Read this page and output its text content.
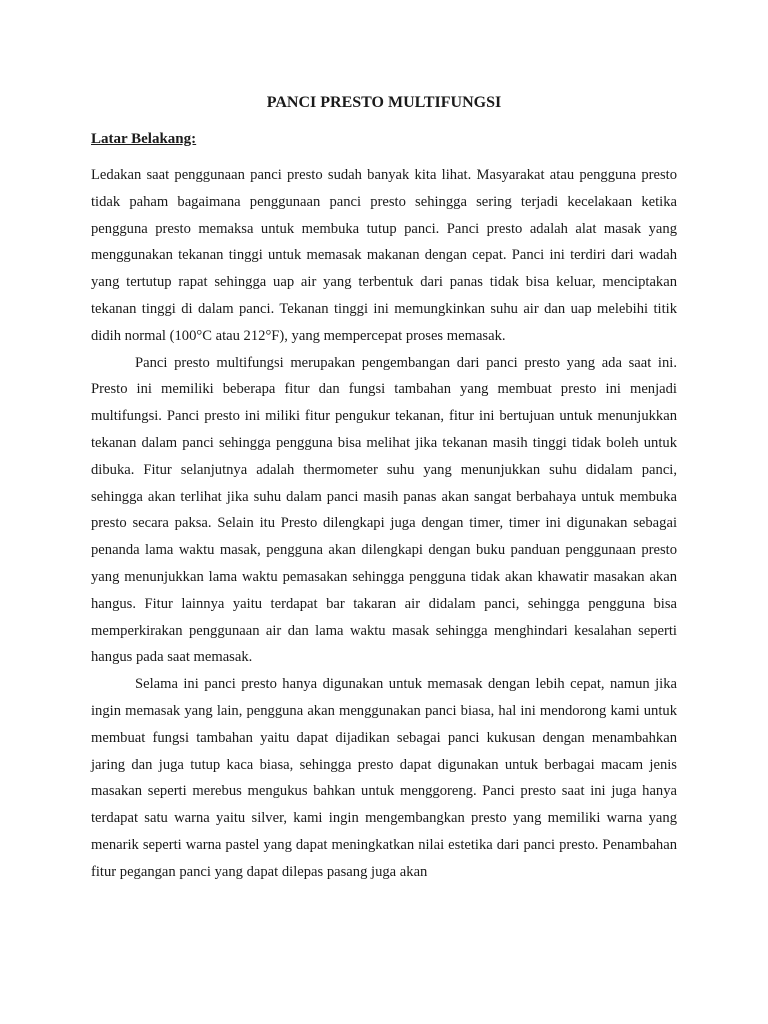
PANCI PRESTO MULTIFUNGSI

Latar Belakang:

Ledakan saat penggunaan panci presto sudah banyak kita lihat. Masyarakat atau pengguna presto tidak paham bagaimana penggunaan panci presto sehingga sering terjadi kecelakaan ketika pengguna presto memaksa untuk membuka tutup panci. Panci presto adalah alat masak yang menggunakan tekanan tinggi untuk memasak makanan dengan cepat. Panci ini terdiri dari wadah yang tertutup rapat sehingga uap air yang terbentuk dari panas tidak bisa keluar, menciptakan tekanan tinggi di dalam panci. Tekanan tinggi ini memungkinkan suhu air dan uap melebihi titik didih normal (100°C atau 212°F), yang mempercepat proses memasak.

Panci presto multifungsi merupakan pengembangan dari panci presto yang ada saat ini. Presto ini memiliki beberapa fitur dan fungsi tambahan yang membuat presto ini menjadi multifungsi. Panci presto ini miliki fitur pengukur tekanan, fitur ini bertujuan untuk menunjukkan tekanan dalam panci sehingga pengguna bisa melihat jika tekanan masih tinggi tidak boleh untuk dibuka. Fitur selanjutnya adalah thermometer suhu yang menunjukkan suhu didalam panci, sehingga akan terlihat jika suhu dalam panci masih panas akan sangat berbahaya untuk membuka presto secara paksa. Selain itu Presto dilengkapi juga dengan timer, timer ini digunakan sebagai penanda lama waktu masak, pengguna akan dilengkapi dengan buku panduan penggunaan presto yang menunjukkan lama waktu pemasakan sehingga pengguna tidak akan khawatir masakan akan hangus. Fitur lainnya yaitu terdapat bar takaran air didalam panci, sehingga pengguna bisa memperkirakan penggunaan air dan lama waktu masak sehingga menghindari kesalahan seperti hangus pada saat memasak.

Selama ini panci presto hanya digunakan untuk memasak dengan lebih cepat, namun jika ingin memasak yang lain, pengguna akan menggunakan panci biasa, hal ini mendorong kami untuk membuat fungsi tambahan yaitu dapat dijadikan sebagai panci kukusan dengan menambahkan jaring dan juga tutup kaca biasa, sehingga presto dapat digunakan untuk berbagai macam jenis masakan seperti merebus mengukus bahkan untuk menggoreng. Panci presto saat ini juga hanya terdapat satu warna yaitu silver, kami ingin mengembangkan presto yang memiliki warna yang menarik seperti warna pastel yang dapat meningkatkan nilai estetika dari panci presto. Penambahan fitur pegangan panci yang dapat dilepas pasang juga akan
